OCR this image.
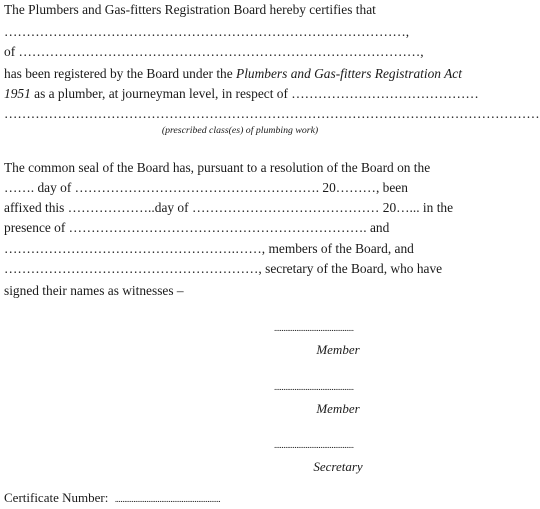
The Plumbers and Gas-fitters Registration Board hereby certifies that
………………………………………………………………………………,
of ………………………………………………………………………………,
has been registered by the Board under the Plumbers and Gas-fitters Registration Act
1951 as a plumber, at journeyman level, in respect of ……………………………………
…………………………………………………………………………………………………………
(prescribed class(es) of plumbing work)
The common seal of the Board has, pursuant to a resolution of the Board on the
……. day of ………………………………………………. 20………, been
affixed this ………………..day of …………………………………… 20…... in the
presence of …………………………………………………………. and
…………………………………………….……, members of the Board, and
…………………………………………………, secretary of the Board, who have
signed their names as witnesses –
...........................................
Member
...........................................
Member
...........................................
Secretary
Certificate Number: .........................................................
